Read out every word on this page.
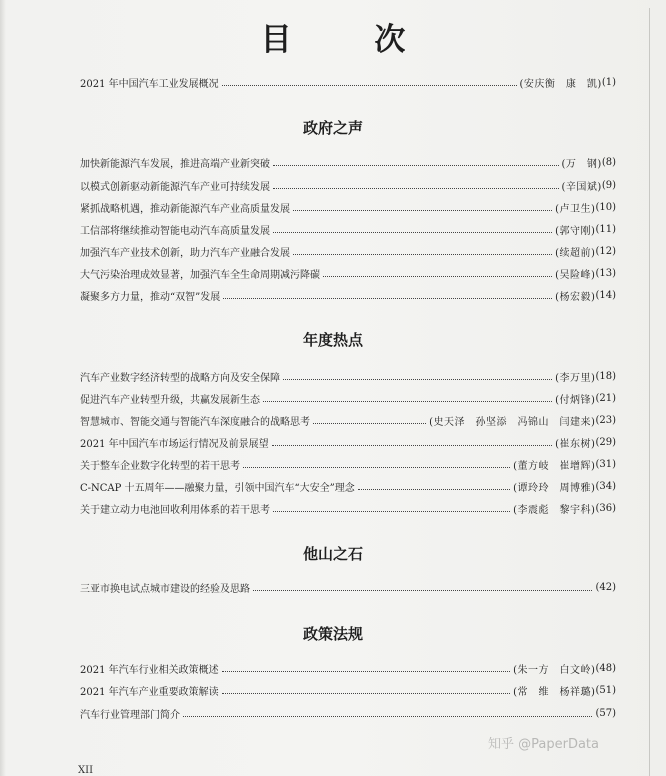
目 次
2021 年中国汽车工业发展概况	(安庆衡　康　凯) (1)
政府之声
加快新能源汽车发展，推进高端产业新突破	(万　钢) (8)
以模式创新驱动新能源汽车产业可持续发展	(辛国斌) (9)
紧抓战略机遇，推动新能源汽车产业高质量发展	(卢卫生) (10)
工信部将继续推动智能电动汽车高质量发展	(郭守刚) (11)
加强汽车产业技术创新，助力汽车产业融合发展	(续超前) (12)
大气污染治理成效显著，加强汽车全生命周期减污降碳	(吴险峰) (13)
凝聚多方力量，推动“双智”发展	(杨宏毅) (14)
年度热点
汽车产业数字经济转型的战略方向及安全保障	(李万里) (18)
促进汽车产业转型升级，共赢发展新生态	(付炳锋) (21)
智慧城市、智能交通与智能汽车深度融合的战略思考	(史天泽　孙坚添　冯锦山　闫建来) (23)
2021 年中国汽车市场运行情况及前景展望	(崔东树) (29)
关于整车企业数字化转型的若干思考	(董方岐　崔增辉) (31)
C-NCAP 十五周年——融聚力量，引领中国汽车“大安全”理念	(谭玲玲　周博雅) (34)
关于建立动力电池回收利用体系的若干思考	(李震彪　黎宇科) (36)
他山之石
三亚市换电试点城市建设的经验及思路	(42)
政策法规
2021 年汽车行业相关政策概述	(朱一方　白文岭) (48)
2021 年汽车产业重要政策解读	(常　维　杨祥璐) (51)
汽车行业管理部门简介	(57)
知乎 @PaperData
XII
